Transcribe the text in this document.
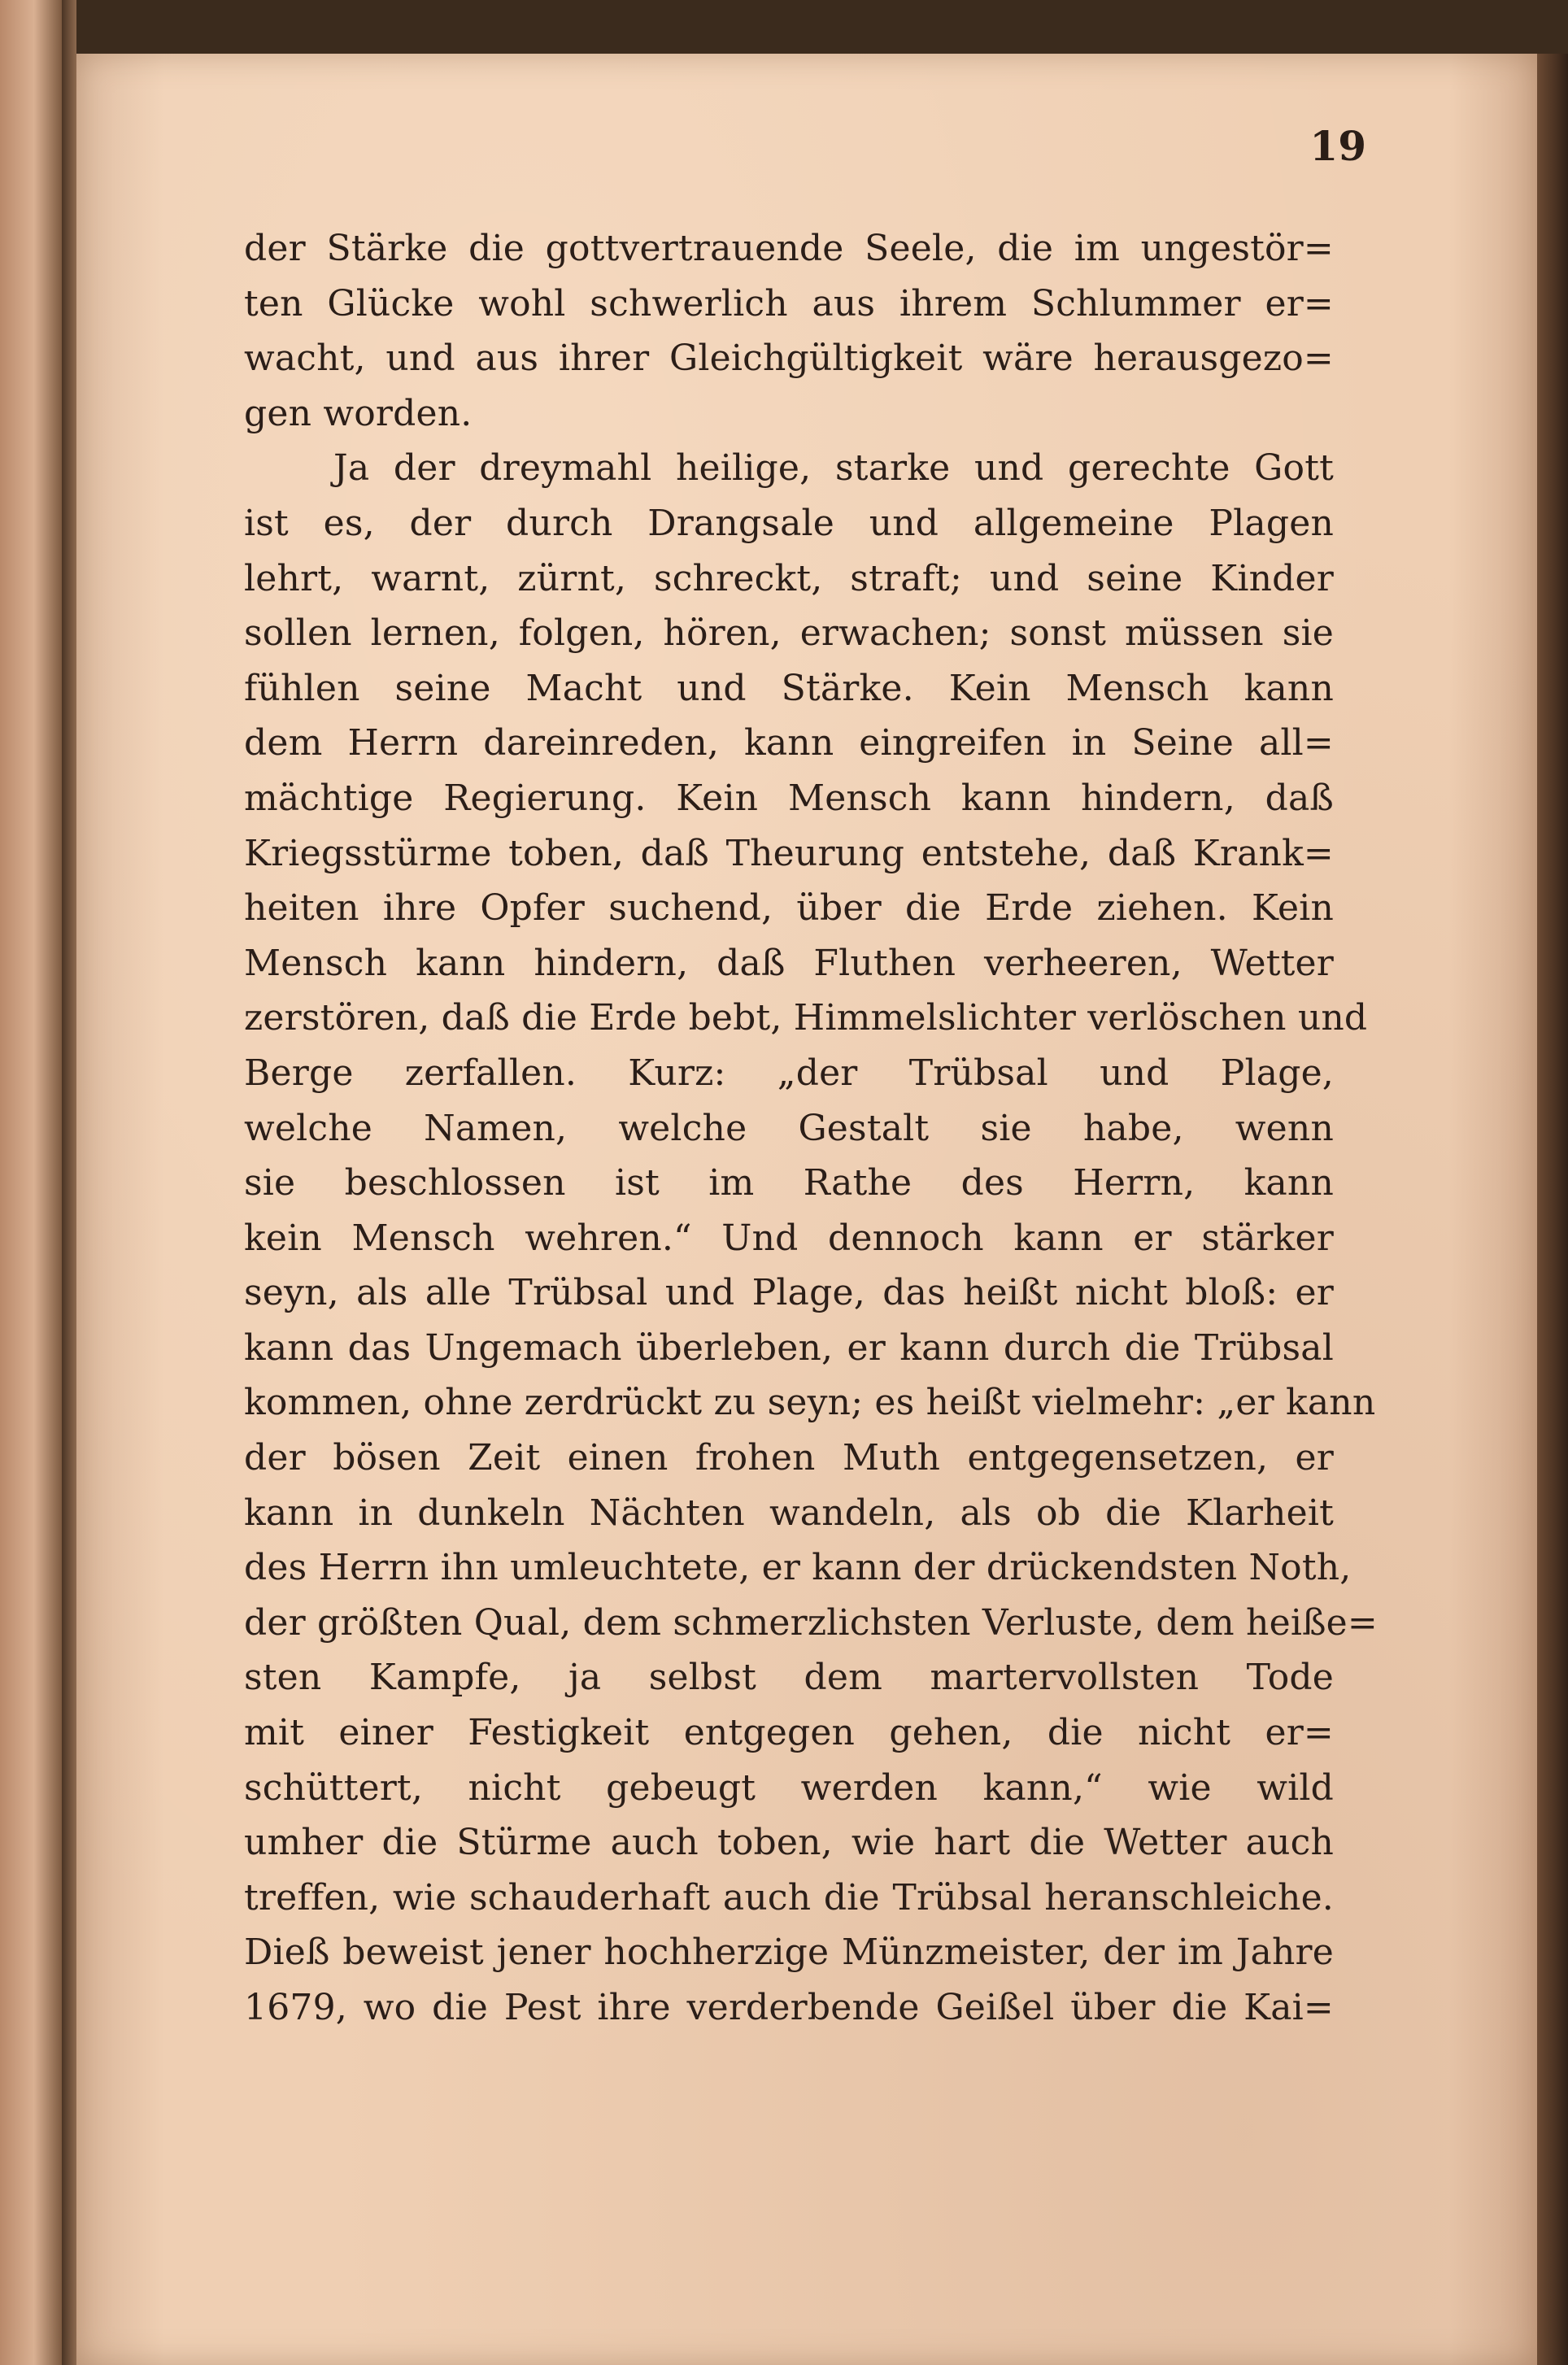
19
der Stärke die gottvertrauende Seele, die im ungestör=
ten Glücke wohl schwerlich aus ihrem Schlummer er=
wacht, und aus ihrer Gleichgültigkeit wäre herausgezo=
gen worden.
Ja der dreymahl heilige, starke und gerechte Gott
ist es, der durch Drangsale und allgemeine Plagen
lehrt, warnt, zürnt, schreckt, straft; und seine Kinder
sollen lernen, folgen, hören, erwachen; sonst müssen sie
fühlen seine Macht und Stärke. Kein Mensch kann
dem Herrn dareinreden, kann eingreifen in Seine all=
mächtige Regierung. Kein Mensch kann hindern, daß
Kriegsstürme toben, daß Theurung entstehe, daß Krank=
heiten ihre Opfer suchend, über die Erde ziehen. Kein
Mensch kann hindern, daß Fluthen verheeren, Wetter
zerstören, daß die Erde bebt, Himmelslichter verlöschen und
Berge zerfallen. Kurz: „der Trübsal und Plage,
welche Namen, welche Gestalt sie habe, wenn
sie beschlossen ist im Rathe des Herrn, kann
kein Mensch wehren.“ Und dennoch kann er stärker
seyn, als alle Trübsal und Plage, das heißt nicht bloß: er
kann das Ungemach überleben, er kann durch die Trübsal
kommen, ohne zerdrückt zu seyn; es heißt vielmehr: „er kann
der bösen Zeit einen frohen Muth entgegensetzen, er
kann in dunkeln Nächten wandeln, als ob die Klarheit
des Herrn ihn umleuchtete, er kann der drückendsten Noth,
der größten Qual, dem schmerzlichsten Verluste, dem heiße=
sten Kampfe, ja selbst dem martervollsten Tode
mit einer Festigkeit entgegen gehen, die nicht er=
schüttert, nicht gebeugt werden kann,“ wie wild
umher die Stürme auch toben, wie hart die Wetter auch
treffen, wie schauderhaft auch die Trübsal heranschleiche.
Dieß beweist jener hochherzige Münzmeister, der im Jahre
1679, wo die Pest ihre verderbende Geißel über die Kai=
